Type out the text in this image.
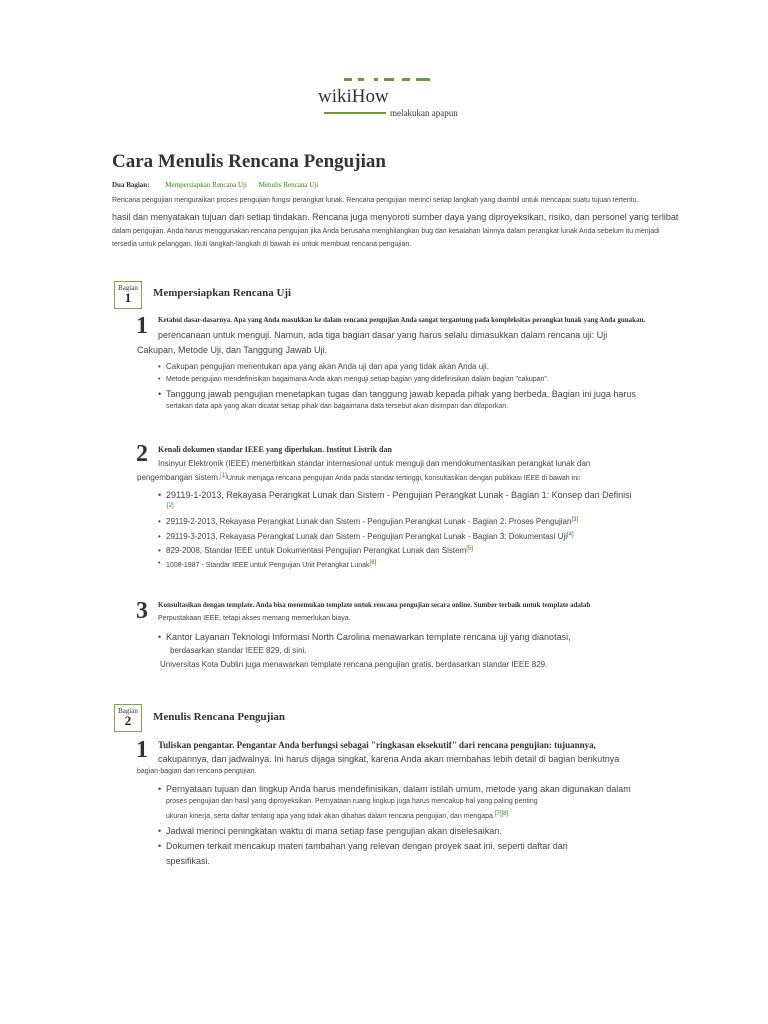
wikiHow
melakukan apapun
Cara Menulis Rencana Pengujian
Dua Bagian: Mempersiapkan Rencana Uji Menulis Rencana Uji
Rencana pengujian menguraikan proses pengujian fungsi perangkat lunak. Rencana pengujian merinci setiap langkah yang diambil untuk mencapai suatu tujuan tertentu.
hasil dan menyatakan tujuan dari setiap tindakan. Rencana juga menyoroti sumber daya yang diproyeksikan, risiko, dan personel yang terlibat
dalam pengujian. Anda harus menggunakan rencana pengujian jika Anda berusaha menghilangkan bug dan kesalahan lainnya dalam perangkat lunak Anda sebelum itu menjadi
tersedia untuk pelanggan. Ikuti langkah-langkah di bawah ini untuk membuat rencana pengujian.
Bagian
1	Mempersiapkan Rencana Uji
1 Ketahui dasar-dasarnya. Apa yang Anda masukkan ke dalam rencana pengujian Anda sangat tergantung pada kompleksitas perangkat lunak yang Anda gunakan.
perencanaan untuk menguji. Namun, ada tiga bagian dasar yang harus selalu dimasukkan dalam rencana uji: Uji
Cakupan, Metode Uji, dan Tanggung Jawab Uji.
• Cakupan pengujian menentukan apa yang akan Anda uji dan apa yang tidak akan Anda uji.
• Metode pengujian mendefinisikan bagaimana Anda akan menguji setiap bagian yang didefinisikan dalam bagian "cakupan".
• Tanggung jawab pengujian menetapkan tugas dan tanggung jawab kepada pihak yang berbeda. Bagian ini juga harus
sertakan data apa yang akan dicatat setiap pihak dan bagaimana data tersebut akan disimpan dan dilaporkan.
2 Kenali dokumen standar IEEE yang diperlukan. Institut Listrik dan
Insinyur Elektronik (IEEE) menerbitkan standar internasional untuk menguji dan mendokumentasikan perangkat lunak dan
pengembangan sistem.[1]Untuk menjaga rencana pengujian Anda pada standar tertinggi, konsultasikan dengan publikasi IEEE di bawah ini:
• 29119-1-2013, Rekayasa Perangkat Lunak dan Sistem - Pengujian Perangkat Lunak - Bagian 1: Konsep dan Definisi
[2]
• 29119-2-2013, Rekayasa Perangkat Lunak dan Sistem - Pengujian Perangkat Lunak - Bagian 2: Proses Pengujian[3]
• 29119-3-2013, Rekayasa Perangkat Lunak dan Sistem - Pengujian Perangkat Lunak - Bagian 3: Dokumentasi Uji[4]
• 829-2008, Standar IEEE untuk Dokumentasi Pengujian Perangkat Lunak dan Sistem[5]
• 1008-1987 - Standar IEEE untuk Pengujian Unit Perangkat Lunak[6]
3 Konsultasikan dengan template. Anda bisa menemukan template untuk rencana pengujian secara online. Sumber terbaik untuk template adalah
Perpustakaan IEEE, tetapi akses memang memerlukan biaya.
• Kantor Layanan Teknologi Informasi North Carolina menawarkan template rencana uji yang dianotasi,
berdasarkan standar IEEE 829, di sini.
Universitas Kota Dublin juga menawarkan template rencana pengujian gratis, berdasarkan standar IEEE 829.
Bagian
2	Menulis Rencana Pengujian
1 Tuliskan pengantar. Pengantar Anda berfungsi sebagai "ringkasan eksekutif" dari rencana pengujian: tujuannya,
cakupannya, dan jadwalnya. Ini harus dijaga singkat, karena Anda akan membahas lebih detail di bagian berikutnya
bagian-bagian dari rencana pengujian.
• Pernyataan tujuan dan lingkup Anda harus mendefinisikan, dalam istilah umum, metode yang akan digunakan dalam
proses pengujian dan hasil yang diproyeksikan. Pernyataan ruang lingkup juga harus mencakup hal yang paling penting
ukuran kinerja, serta daftar tentang apa yang tidak akan dibahas dalam rencana pengujian, dan mengapa.[7][8]
• Jadwal merinci peningkatan waktu di mana setiap fase pengujian akan diselesaikan.
• Dokumen terkait mencakup materi tambahan yang relevan dengan proyek saat ini, seperti daftar dari
spesifikasi.
